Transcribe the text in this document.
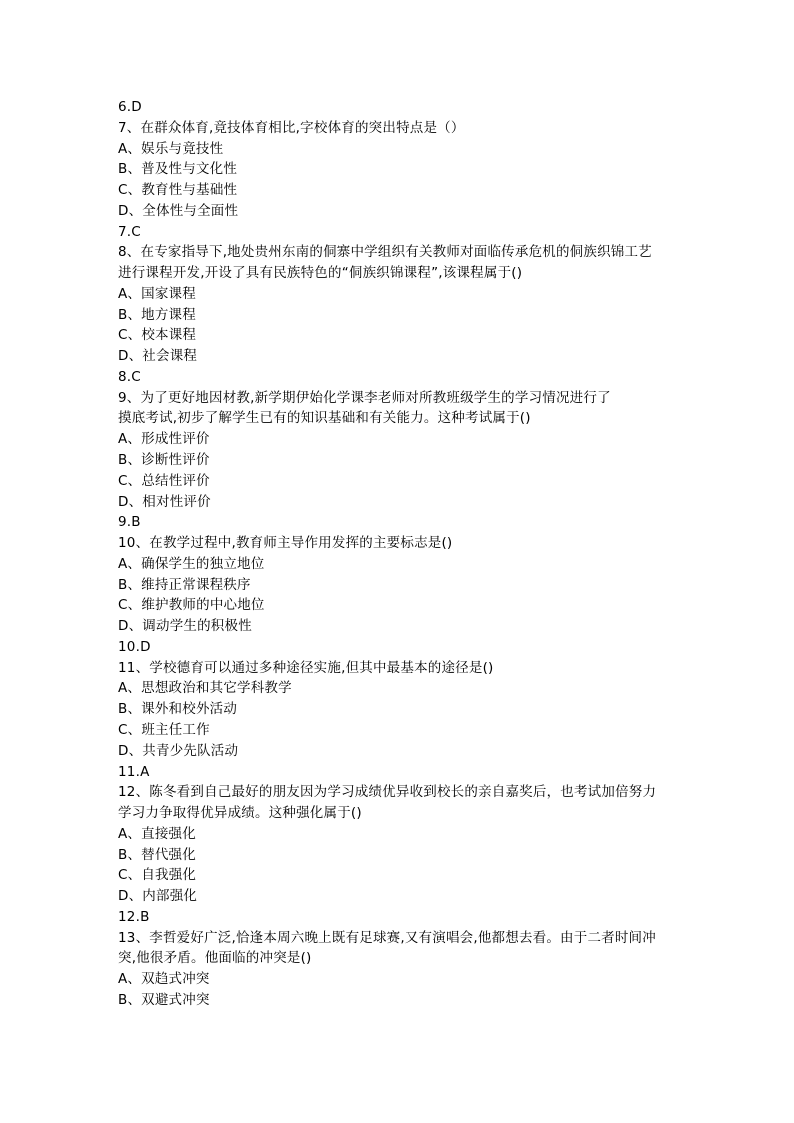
6.D
7、在群众体育,竟技体育相比,字校体育的突出特点是（）
A、娱乐与竟技性
B、普及性与文化性
C、教育性与基础性
D、全体性与全面性
7.C
8、在专家指导下,地处贵州东南的侗寨中学组织有关教师对面临传承危机的侗族织锦工艺
进行课程开发,开设了具有民族特色的“侗族织锦课程”,该课程属于()
A、国家课程
B、地方课程
C、校本课程
D、社会课程
8.C
9、为了更好地因材教,新学期伊始化学课李老师对所教班级学生的学习情况进行了
摸底考试,初步了解学生已有的知识基础和有关能力。这种考试属于()
A、形成性评价
B、诊断性评价
C、总结性评价
D、相对性评价
9.B
10、在教学过程中,教育师主导作用发挥的主要标志是()
A、确保学生的独立地位
B、维持正常课程秩序
C、维护教师的中心地位
D、调动学生的积极性
10.D
11、学校德育可以通过多种途径实施,但其中最基本的途径是()
A、思想政治和其它学科教学
B、课外和校外活动
C、班主任工作
D、共青少先队活动
11.A
12、陈冬看到自己最好的朋友因为学习成绩优异收到校长的亲自嘉奖后，也考试加倍努力
学习力争取得优异成绩。这种强化属于()
A、直接强化
B、替代强化
C、自我强化
D、内部强化
12.B
13、李哲爱好广泛,恰逢本周六晚上既有足球赛,又有演唱会,他都想去看。由于二者时间冲
突,他很矛盾。他面临的冲突是()
A、双趋式冲突
B、双避式冲突
